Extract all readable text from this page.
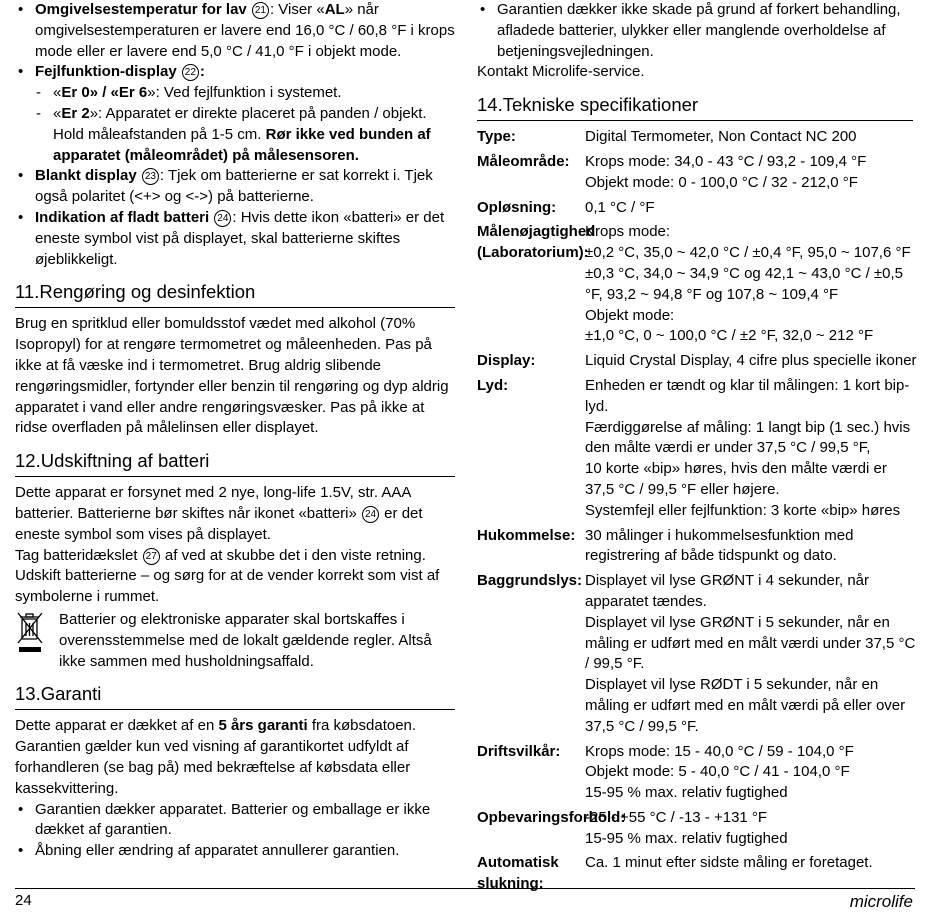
• Omgivelsestemperatur for lav 21 : Viser «AL» når omgivelsestemperaturen er lavere end 16,0 °C / 60,8 °F i krops mode eller er lavere end 5,0 °C / 41,0 °F i objekt mode.
• Fejlfunktion-display 22 :
- «Er 0» / «Er 6»: Ved fejlfunktion i systemet.
- «Er 2»: Apparatet er direkte placeret på panden / objekt. Hold måleafstanden på 1-5 cm. Rør ikke ved bunden af apparatet (måleområdet) på målesensoren.
• Blankt display 23 : Tjek om batterierne er sat korrekt i. Tjek også polaritet (<+> og <->) på batterierne.
• Indikation af fladt batteri 24 : Hvis dette ikon «batteri» er det eneste symbol vist på displayet, skal batterierne skiftes øjeblikkeligt.
11.Rengøring og desinfektion
Brug en spritklud eller bomuldsstof vædet med alkohol (70% Isopropyl) for at rengøre termometret og måleenheden. Pas på ikke at få væske ind i termometret. Brug aldrig slibende rengøringsmidler, fortynder eller benzin til rengøring og dyp aldrig apparatet i vand eller andre rengøringsvæsker. Pas på ikke at ridse overfladen på målelinsen eller displayet.
12.Udskiftning af batteri
Dette apparat er forsynet med 2 nye, long-life 1.5V, str. AAA batterier. Batterierne bør skiftes når ikonet «batteri» 24 er det eneste symbol som vises på displayet.
Tag batteridækslet 27 af ved at skubbe det i den viste retning.
Udskift batterierne – og sørg for at de vender korrekt som vist af symbolerne i rummet.
Batterier og elektroniske apparater skal bortskaffes i overensstemmelse med de lokalt gældende regler. Altså ikke sammen med husholdningsaffald.
13.Garanti
Dette apparat er dækket af en 5 års garanti fra købsdatoen. Garantien gælder kun ved visning af garantikortet udfyldt af forhandleren (se bag på) med bekræftelse af købsdata eller kassekvittering.
• Garantien dækker apparatet. Batterier og emballage er ikke dækket af garantien.
• Åbning eller ændring af apparatet annullerer garantien.
• Garantien dækker ikke skade på grund af forkert behandling, afladede batterier, ulykker eller manglende overholdelse af betjeningsvejledningen.
Kontakt Microlife-service.
14.Tekniske specifikationer
Type:	Digital Termometer, Non Contact NC 200
Måleområde:	Krops mode: 34,0 - 43 °C / 93,2 - 109,4 °F
Objekt mode: 0 - 100,0 °C / 32 - 212,0 °F
Opløsning:	0,1 °C / °F
Målenøjagtighed (Laboratorium):
Krops mode:
±0,2 °C, 35,0 ~ 42,0 °C / ±0,4 °F, 95,0 ~ 107,6 °F
±0,3 °C, 34,0 ~ 34,9 °C og 42,1 ~ 43,0 °C / ±0,5 °F, 93,2 ~ 94,8 °F og 107,8 ~ 109,4 °F
Objekt mode:
±1,0 °C, 0 ~ 100,0 °C / ±2 °F, 32,0 ~ 212 °F
Display:	Liquid Crystal Display, 4 cifre plus specielle ikoner
Lyd:	Enheden er tændt og klar til målingen: 1 kort bip-lyd.
Færdiggørelse af måling: 1 langt bip (1 sec.) hvis den målte værdi er under 37,5 °C / 99,5 °F,
10 korte «bip» høres, hvis den målte værdi er 37,5 °C / 99,5 °F eller højere.
Systemfejl eller fejlfunktion: 3 korte «bip» høres
Hukommelse: 30 målinger i hukommelsesfunktion med registrering af både tidspunkt og dato.
Baggrundslys: Displayet vil lyse GRØNT i 4 sekunder, når apparatet tændes.
Displayet vil lyse GRØNT i 5 sekunder, når en måling er udført med en målt værdi under 37,5 °C / 99,5 °F.
Displayet vil lyse RØDT i 5 sekunder, når en måling er udført med en målt værdi på eller over 37,5 °C / 99,5 °F.
Driftsvilkår:	Krops mode: 15 - 40,0 °C / 59 - 104,0 °F
Objekt mode: 5 - 40,0 °C / 41 - 104,0 °F
15-95 % max. relativ fugtighed
Opbevaringsforhold:
-25 - +55 °C / -13 - +131 °F
15-95 % max. relativ fugtighed
Automatisk slukning:
Ca. 1 minut efter sidste måling er foretaget.
24	microlife
